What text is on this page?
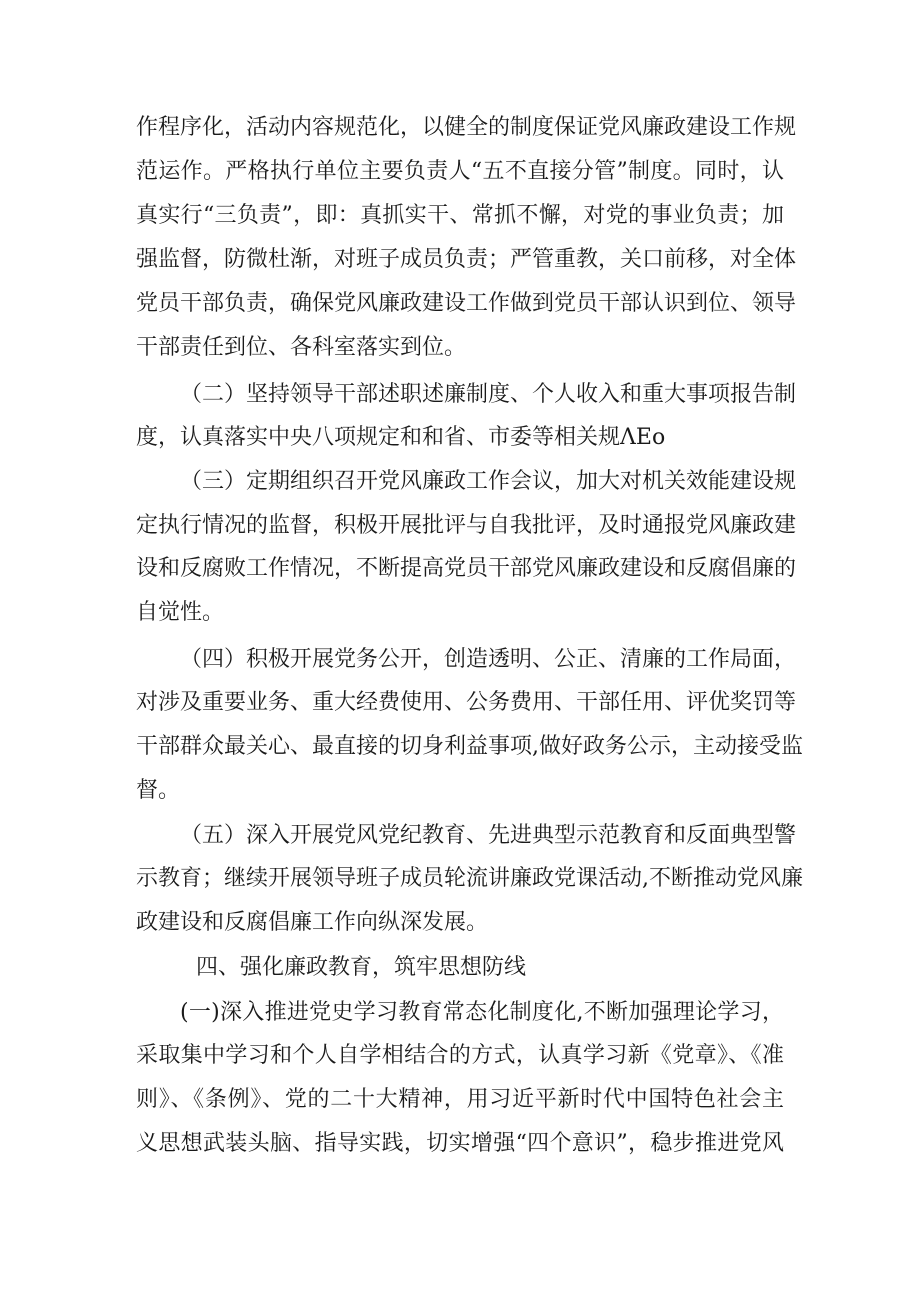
作程序化，活动内容规范化，以健全的制度保证党风廉政建设工作规
范运作。严格执行单位主要负责人“五不直接分管”制度。同时，认
真实行“三负责”，即：真抓实干、常抓不懈，对党的事业负责；加
强监督，防微杜渐，对班子成员负责；严管重教，关口前移，对全体
党员干部负责，确保党风廉政建设工作做到党员干部认识到位、领导
干部责任到位、各科室落实到位。
（二）坚持领导干部述职述廉制度、个人收入和重大事项报告制
度，认真落实中央八项规定和和省、市委等相关规ΛEo
（三）定期组织召开党风廉政工作会议，加大对机关效能建设规
定执行情况的监督，积极开展批评与自我批评，及时通报党风廉政建
设和反腐败工作情况，不断提高党员干部党风廉政建设和反腐倡廉的
自觉性。
（四）积极开展党务公开，创造透明、公正、清廉的工作局面，
对涉及重要业务、重大经费使用、公务费用、干部任用、评优奖罚等
干部群众最关心、最直接的切身利益事项,做好政务公示，主动接受监
督。
（五）深入开展党风党纪教育、先进典型示范教育和反面典型警
示教育；继续开展领导班子成员轮流讲廉政党课活动,不断推动党风廉
政建设和反腐倡廉工作向纵深发展。
四、强化廉政教育，筑牢思想防线
(一)深入推进党史学习教育常态化制度化,不断加强理论学习，
采取集中学习和个人自学相结合的方式，认真学习新《党章》、《准
则》、《条例》、党的二十大精神，用习近平新时代中国特色社会主
义思想武装头脑、指导实践，切实增强“四个意识”，稳步推进党风
